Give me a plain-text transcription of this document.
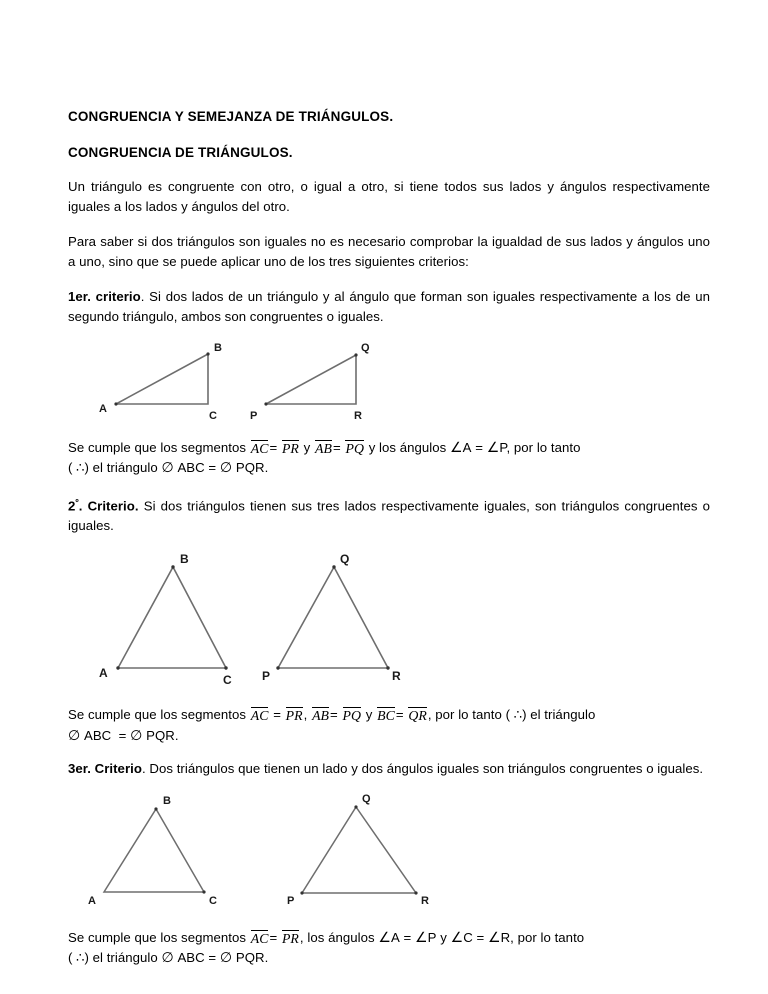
CONGRUENCIA Y SEMEJANZA DE TRIÁNGULOS.
CONGRUENCIA DE TRIÁNGULOS.

Un triángulo es congruente con otro, o igual a otro, si tiene todos sus lados y ángulos respectivamente iguales a los lados y ángulos del otro.

Para saber si dos triángulos son iguales no es necesario comprobar la igualdad de sus lados y ángulos uno a uno, sino que se puede aplicar uno de los tres siguientes criterios:

1er. criterio. Si dos lados de un triángulo y al ángulo que forman son iguales respectivamente a los de un segundo triángulo, ambos son congruentes o iguales.

A
B
C	P
Q
R

Se cumple que los segmentos AC= PR y AB= PQ y los ángulos ∠A = ∠P, por lo tanto
( ∴) el triángulo ∅ ABC = ∅ PQR.

$2^º$. Criterio. Si dos triángulos tienen sus tres lados respectivamente iguales, son triángulos congruentes o iguales.

A
B
C	P
Q
R

Se cumple que los segmentos AC = PR, AB= PQ y BC= QR, por lo tanto ( ∴) el triángulo
∅ ABC = ∅ PQR.

3er. Criterio. Dos triángulos que tienen un lado y dos ángulos iguales son triángulos congruentes o iguales.

A
B
C	P
Q
R

Se cumple que los segmentos AC= PR, los ángulos ∠A = ∠P y ∠C = ∠R, por lo tanto
( ∴) el triángulo ∅ ABC = ∅ PQR.
